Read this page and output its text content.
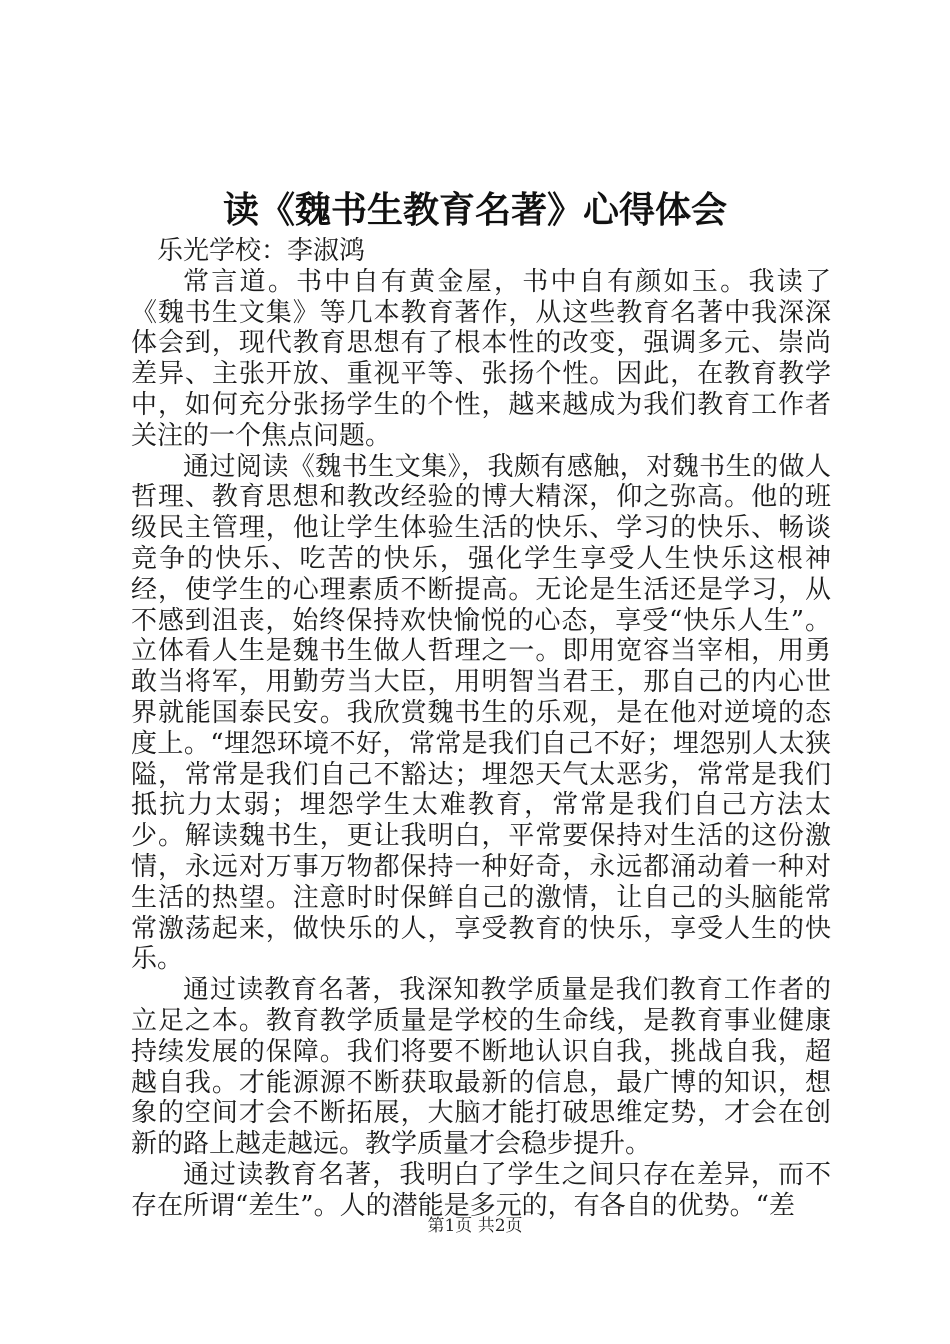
读《魏书生教育名著》心得体会

乐光学校：李淑鸿

常言道。书中自有黄金屋，书中自有颜如玉。我读了《魏书生文集》等几本教育著作，从这些教育名著中我深深体会到，现代教育思想有了根本性的改变，强调多元、崇尚差异、主张开放、重视平等、张扬个性。因此，在教育教学中，如何充分张扬学生的个性，越来越成为我们教育工作者关注的一个焦点问题。

通过阅读《魏书生文集》，我颇有感触，对魏书生的做人哲理、教育思想和教改经验的博大精深，仰之弥高。他的班级民主管理，他让学生体验生活的快乐、学习的快乐、畅谈竞争的快乐、吃苦的快乐，强化学生享受人生快乐这根神经，使学生的心理素质不断提高。无论是生活还是学习，从不感到沮丧，始终保持欢快愉悦的心态，享受“快乐人生”。立体看人生是魏书生做人哲理之一。即用宽容当宰相，用勇敢当将军，用勤劳当大臣，用明智当君王，那自己的内心世界就能国泰民安。我欣赏魏书生的乐观，是在他对逆境的态度上。“埋怨环境不好，常常是我们自己不好；埋怨别人太狭隘，常常是我们自己不豁达；埋怨天气太恶劣，常常是我们抵抗力太弱；埋怨学生太难教育，常常是我们自己方法太少。解读魏书生，更让我明白，平常要保持对生活的这份激情，永远对万事万物都保持一种好奇，永远都涌动着一种对生活的热望。注意时时保鲜自己的激情，让自己的头脑能常常激荡起来，做快乐的人，享受教育的快乐，享受人生的快乐。

通过读教育名著，我深知教学质量是我们教育工作者的立足之本。教育教学质量是学校的生命线，是教育事业健康持续发展的保障。我们将要不断地认识自我，挑战自我，超越自我。才能源源不断获取最新的信息，最广博的知识，想象的空间才会不断拓展，大脑才能打破思维定势，才会在创新的路上越走越远。教学质量才会稳步提升。

通过读教育名著，我明白了学生之间只存在差异，而不存在所谓“差生”。人的潜能是多元的，有各自的优势。“差

第1页 共2页
